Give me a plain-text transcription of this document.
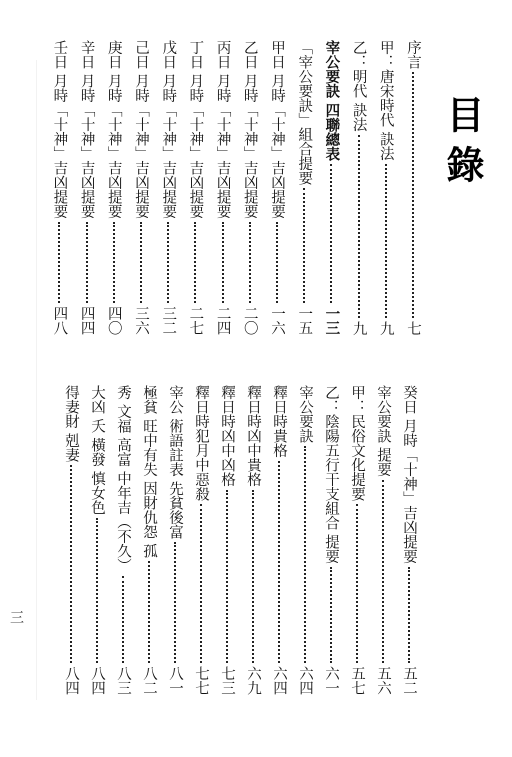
目錄
序言
七
甲：唐宋時代 訣法
九
乙：明代 訣法
九
宰公要訣 四聯總表
一三
「宰公要訣」組合提要
一五
甲日 月時「十神」吉凶提要
一六
乙日 月時「十神」吉凶提要
二〇
丙日 月時「十神」吉凶提要
二四
丁日 月時「十神」吉凶提要
二七
戊日 月時「十神」吉凶提要
三二
己日 月時「十神」吉凶提要
三六
庚日 月時「十神」吉凶提要
四〇
辛日 月時「十神」吉凶提要
四四
壬日 月時「十神」吉凶提要
四八
癸日 月時「十神」吉凶提要
五二
宰公要訣 提要
五六
甲：民俗文化提要
五七
乙：陰陽五行干支組合 提要
六一
宰公要訣
六四
釋日時貴格
六四
釋日時凶中貴格
六九
釋日時凶中凶格
七三
釋日時犯月中惡殺
七七
宰公 術語註表 先貧後富
八一
極貧 旺中有失 因財仇怨 孤
八二
秀 文福 高富 中年吉（不久）
八三
大凶 夭 橫發 慎女色
八四
得妻財 剋妻
八四
三
